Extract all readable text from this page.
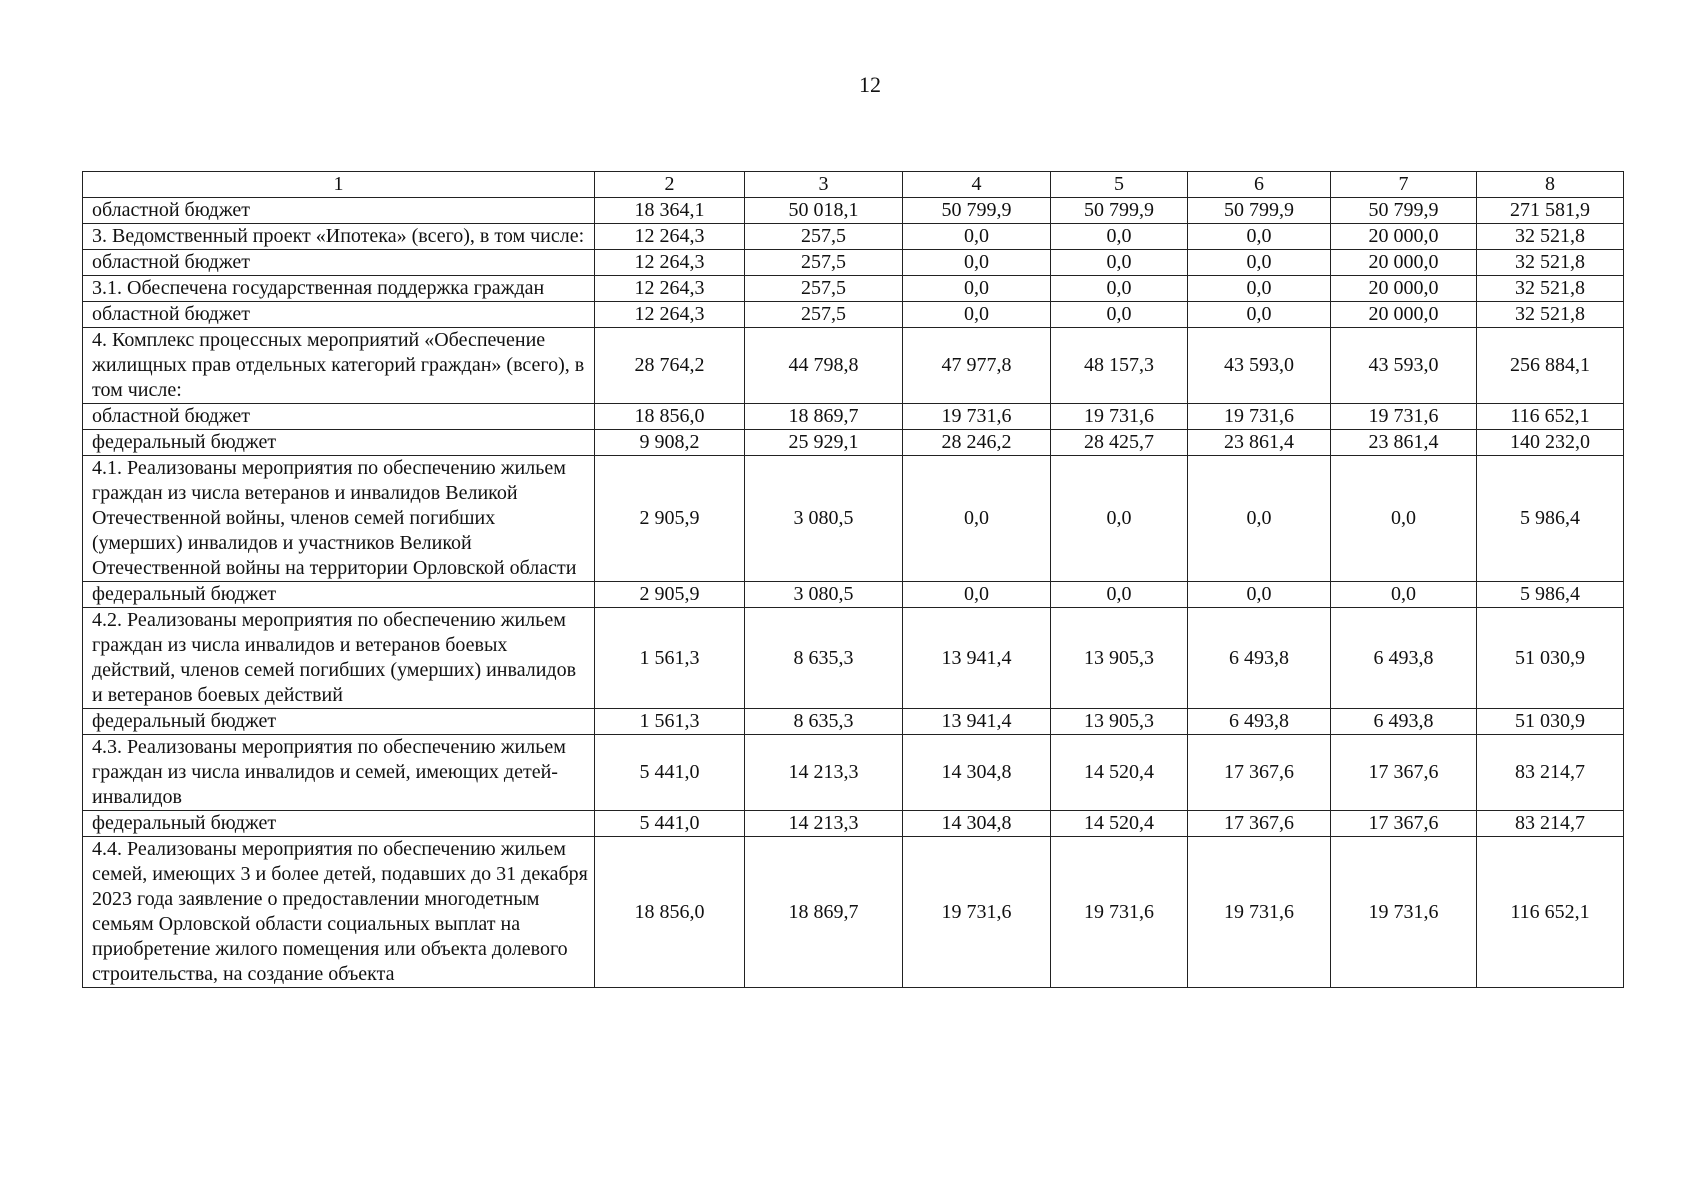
12
1	2	3	4	5	6	7	8
областной бюджет	18 364,1	50 018,1	50 799,9	50 799,9	50 799,9	50 799,9	271 581,9
3. Ведомственный проект «Ипотека» (всего), в том числе:	12 264,3	257,5	0,0	0,0	0,0	20 000,0	32 521,8
областной бюджет	12 264,3	257,5	0,0	0,0	0,0	20 000,0	32 521,8
3.1. Обеспечена государственная поддержка граждан	12 264,3	257,5	0,0	0,0	0,0	20 000,0	32 521,8
областной бюджет	12 264,3	257,5	0,0	0,0	0,0	20 000,0	32 521,8
4. Комплекс процессных мероприятий «Обеспечение жилищных прав отдельных категорий граждан» (всего), в том числе:	28 764,2	44 798,8	47 977,8	48 157,3	43 593,0	43 593,0	256 884,1
областной бюджет	18 856,0	18 869,7	19 731,6	19 731,6	19 731,6	19 731,6	116 652,1
федеральный бюджет	9 908,2	25 929,1	28 246,2	28 425,7	23 861,4	23 861,4	140 232,0
4.1. Реализованы мероприятия по обеспечению жильем граждан из числа ветеранов и инвалидов Великой Отечественной войны, членов семей погибших (умерших) инвалидов и участников Великой Отечественной войны на территории Орловской области	2 905,9	3 080,5	0,0	0,0	0,0	0,0	5 986,4
федеральный бюджет	2 905,9	3 080,5	0,0	0,0	0,0	0,0	5 986,4
4.2. Реализованы мероприятия по обеспечению жильем граждан из числа инвалидов и ветеранов боевых действий, членов семей погибших (умерших) инвалидов и ветеранов боевых действий	1 561,3	8 635,3	13 941,4	13 905,3	6 493,8	6 493,8	51 030,9
федеральный бюджет	1 561,3	8 635,3	13 941,4	13 905,3	6 493,8	6 493,8	51 030,9
4.3. Реализованы мероприятия по обеспечению жильем граждан из числа инвалидов и семей, имеющих детей-инвалидов	5 441,0	14 213,3	14 304,8	14 520,4	17 367,6	17 367,6	83 214,7
федеральный бюджет	5 441,0	14 213,3	14 304,8	14 520,4	17 367,6	17 367,6	83 214,7
4.4. Реализованы мероприятия по обеспечению жильем семей, имеющих 3 и более детей, подавших до 31 декабря 2023 года заявление о предоставлении многодетным семьям Орловской области социальных выплат на приобретение жилого помещения или объекта долевого строительства, на создание объекта	18 856,0	18 869,7	19 731,6	19 731,6	19 731,6	19 731,6	116 652,1
